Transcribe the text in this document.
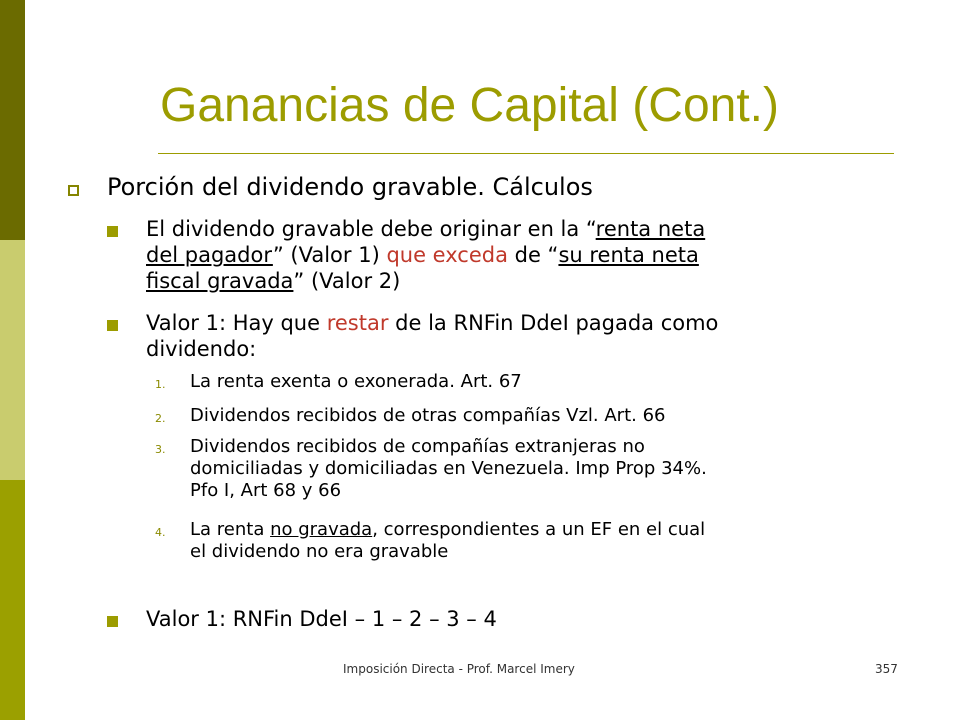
Ganancias de Capital (Cont.)
Porción del dividendo gravable. Cálculos
El dividendo gravable debe originar en la “renta neta
del pagador” (Valor 1) que exceda de “su renta neta
fiscal gravada” (Valor 2)
Valor 1: Hay que restar de la RNFin DdeI pagada como
dividendo:
1. La renta exenta o exonerada. Art. 67
2. Dividendos recibidos de otras compañías Vzl. Art. 66
3. Dividendos recibidos de compañías extranjeras no
domiciliadas y domiciliadas en Venezuela. Imp Prop 34%.
Pfo I, Art 68 y 66
4. La renta no gravada, correspondientes a un EF en el cual
el dividendo no era gravable
Valor 1: RNFin DdeI – 1 – 2 – 3 – 4
Imposición Directa - Prof. Marcel Imery	357
